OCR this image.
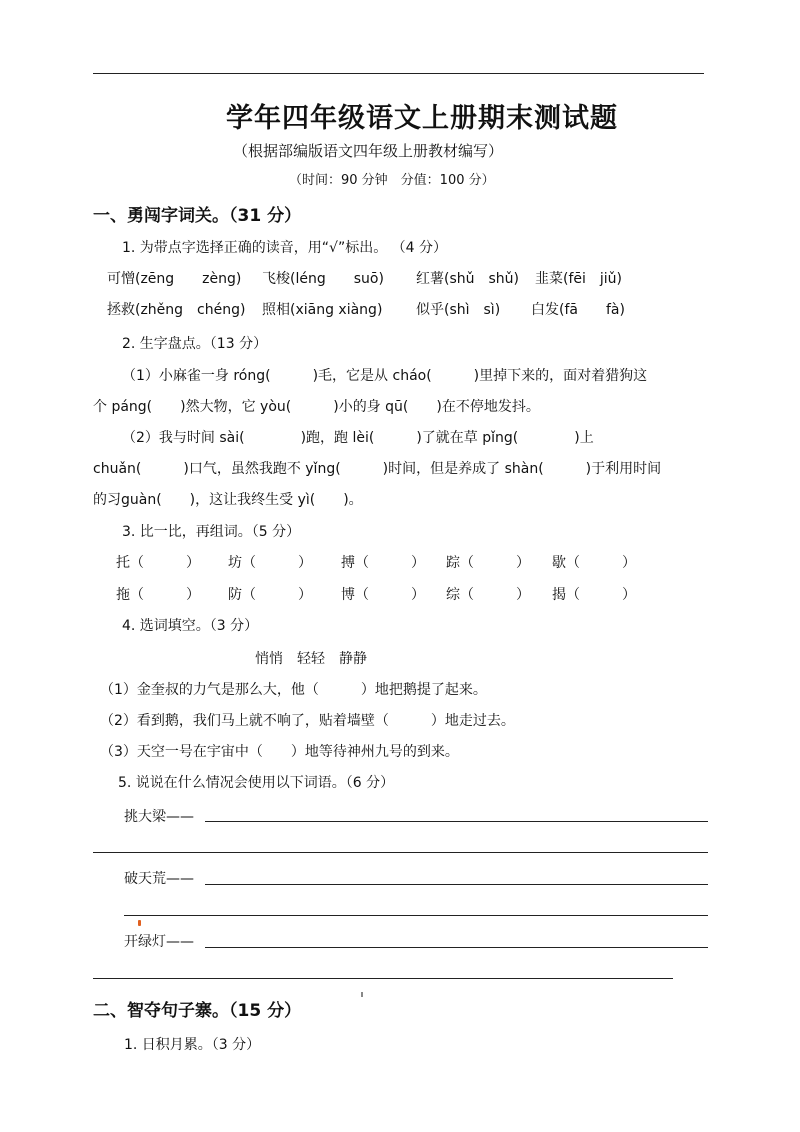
学年四年级语文上册期末测试题
（根据部编版语文四年级上册教材编写）
（时间：90 分钟　分值：100 分）
一、勇闯字词关。（31 分）
1. 为带点字选择正确的读音，用“√”标出。 （4 分）
可憎(zēng　　zèng) 飞梭(léng　　suō) 红薯(shǔ　shǔ) 韭菜(fēi　jiǔ)
拯救(zhěng　chéng) 照相(xiāng xiàng) 似乎(shì　sì) 白发(fā　　fà)
2. 生字盘点。（13 分）
（1）小麻雀一身 róng(　　　)毛，它是从 cháo(　　　)里掉下来的，面对着猎狗这
个 páng(　　)然大物，它 yòu(　　　)小的身 qū(　　)在不停地发抖。
（2）我与时间 sài(　　　　)跑，跑 lèi(　　　)了就在草 pǐng(　　　　)上
chuǎn(　　　)口气，虽然我跑不 yǐng(　　　)时间，但是养成了 shàn(　　　)于利用时间
的习guàn(　　)，这让我终生受 yì(　　)。
3. 比一比，再组词。（5 分）
托（　　　） 坊（　　　） 搏（　　　） 踪（　　　） 歇（　　　）
拖（　　　） 防（　　　） 博（　　　） 综（　　　） 揭（　　　）
4. 选词填空。（3 分）
悄悄　轻轻　静静
（1）金奎叔的力气是那么大，他（　　　）地把鹅提了起来。
（2）看到鹅，我们马上就不响了，贴着墙壁（　　　）地走过去。
（3）天空一号在宇宙中（　　）地等待神州九号的到来。
5. 说说在什么情况会使用以下词语。（6 分）
挑大梁——
破天荒——
开绿灯——
二、智夺句子寨。（15 分）
1. 日积月累。（3 分）
